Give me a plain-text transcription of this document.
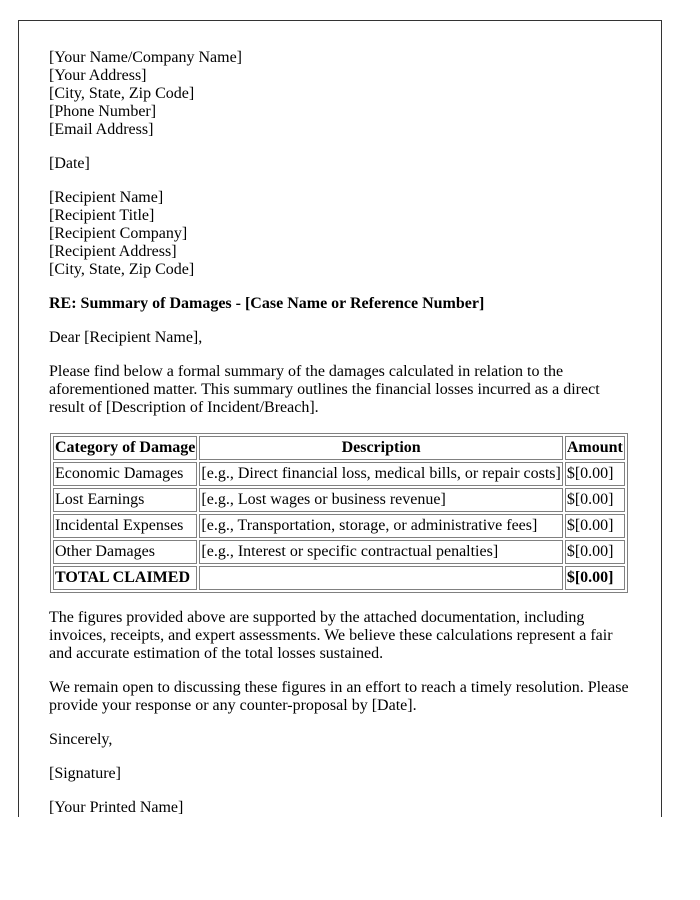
[Your Name/Company Name]
[Your Address]
[City, State, Zip Code]
[Phone Number]
[Email Address]

[Date]

[Recipient Name]
[Recipient Title]
[Recipient Company]
[Recipient Address]
[City, State, Zip Code]

RE: Summary of Damages - [Case Name or Reference Number]

Dear [Recipient Name],

Please find below a formal summary of the damages calculated in relation to the aforementioned matter. This summary outlines the financial losses incurred as a direct result of [Description of Incident/Breach].

Category of Damage	Description	Amount
Economic Damages	[e.g., Direct financial loss, medical bills, or repair costs]	$[0.00]
Lost Earnings	[e.g., Lost wages or business revenue]	$[0.00]
Incidental Expenses	[e.g., Transportation, storage, or administrative fees]	$[0.00]
Other Damages	[e.g., Interest or specific contractual penalties]	$[0.00]
TOTAL CLAIMED		$[0.00]

The figures provided above are supported by the attached documentation, including invoices, receipts, and expert assessments. We believe these calculations represent a fair and accurate estimation of the total losses sustained.

We remain open to discussing these figures in an effort to reach a timely resolution. Please provide your response or any counter-proposal by [Date].

Sincerely,

[Signature]

[Your Printed Name]
